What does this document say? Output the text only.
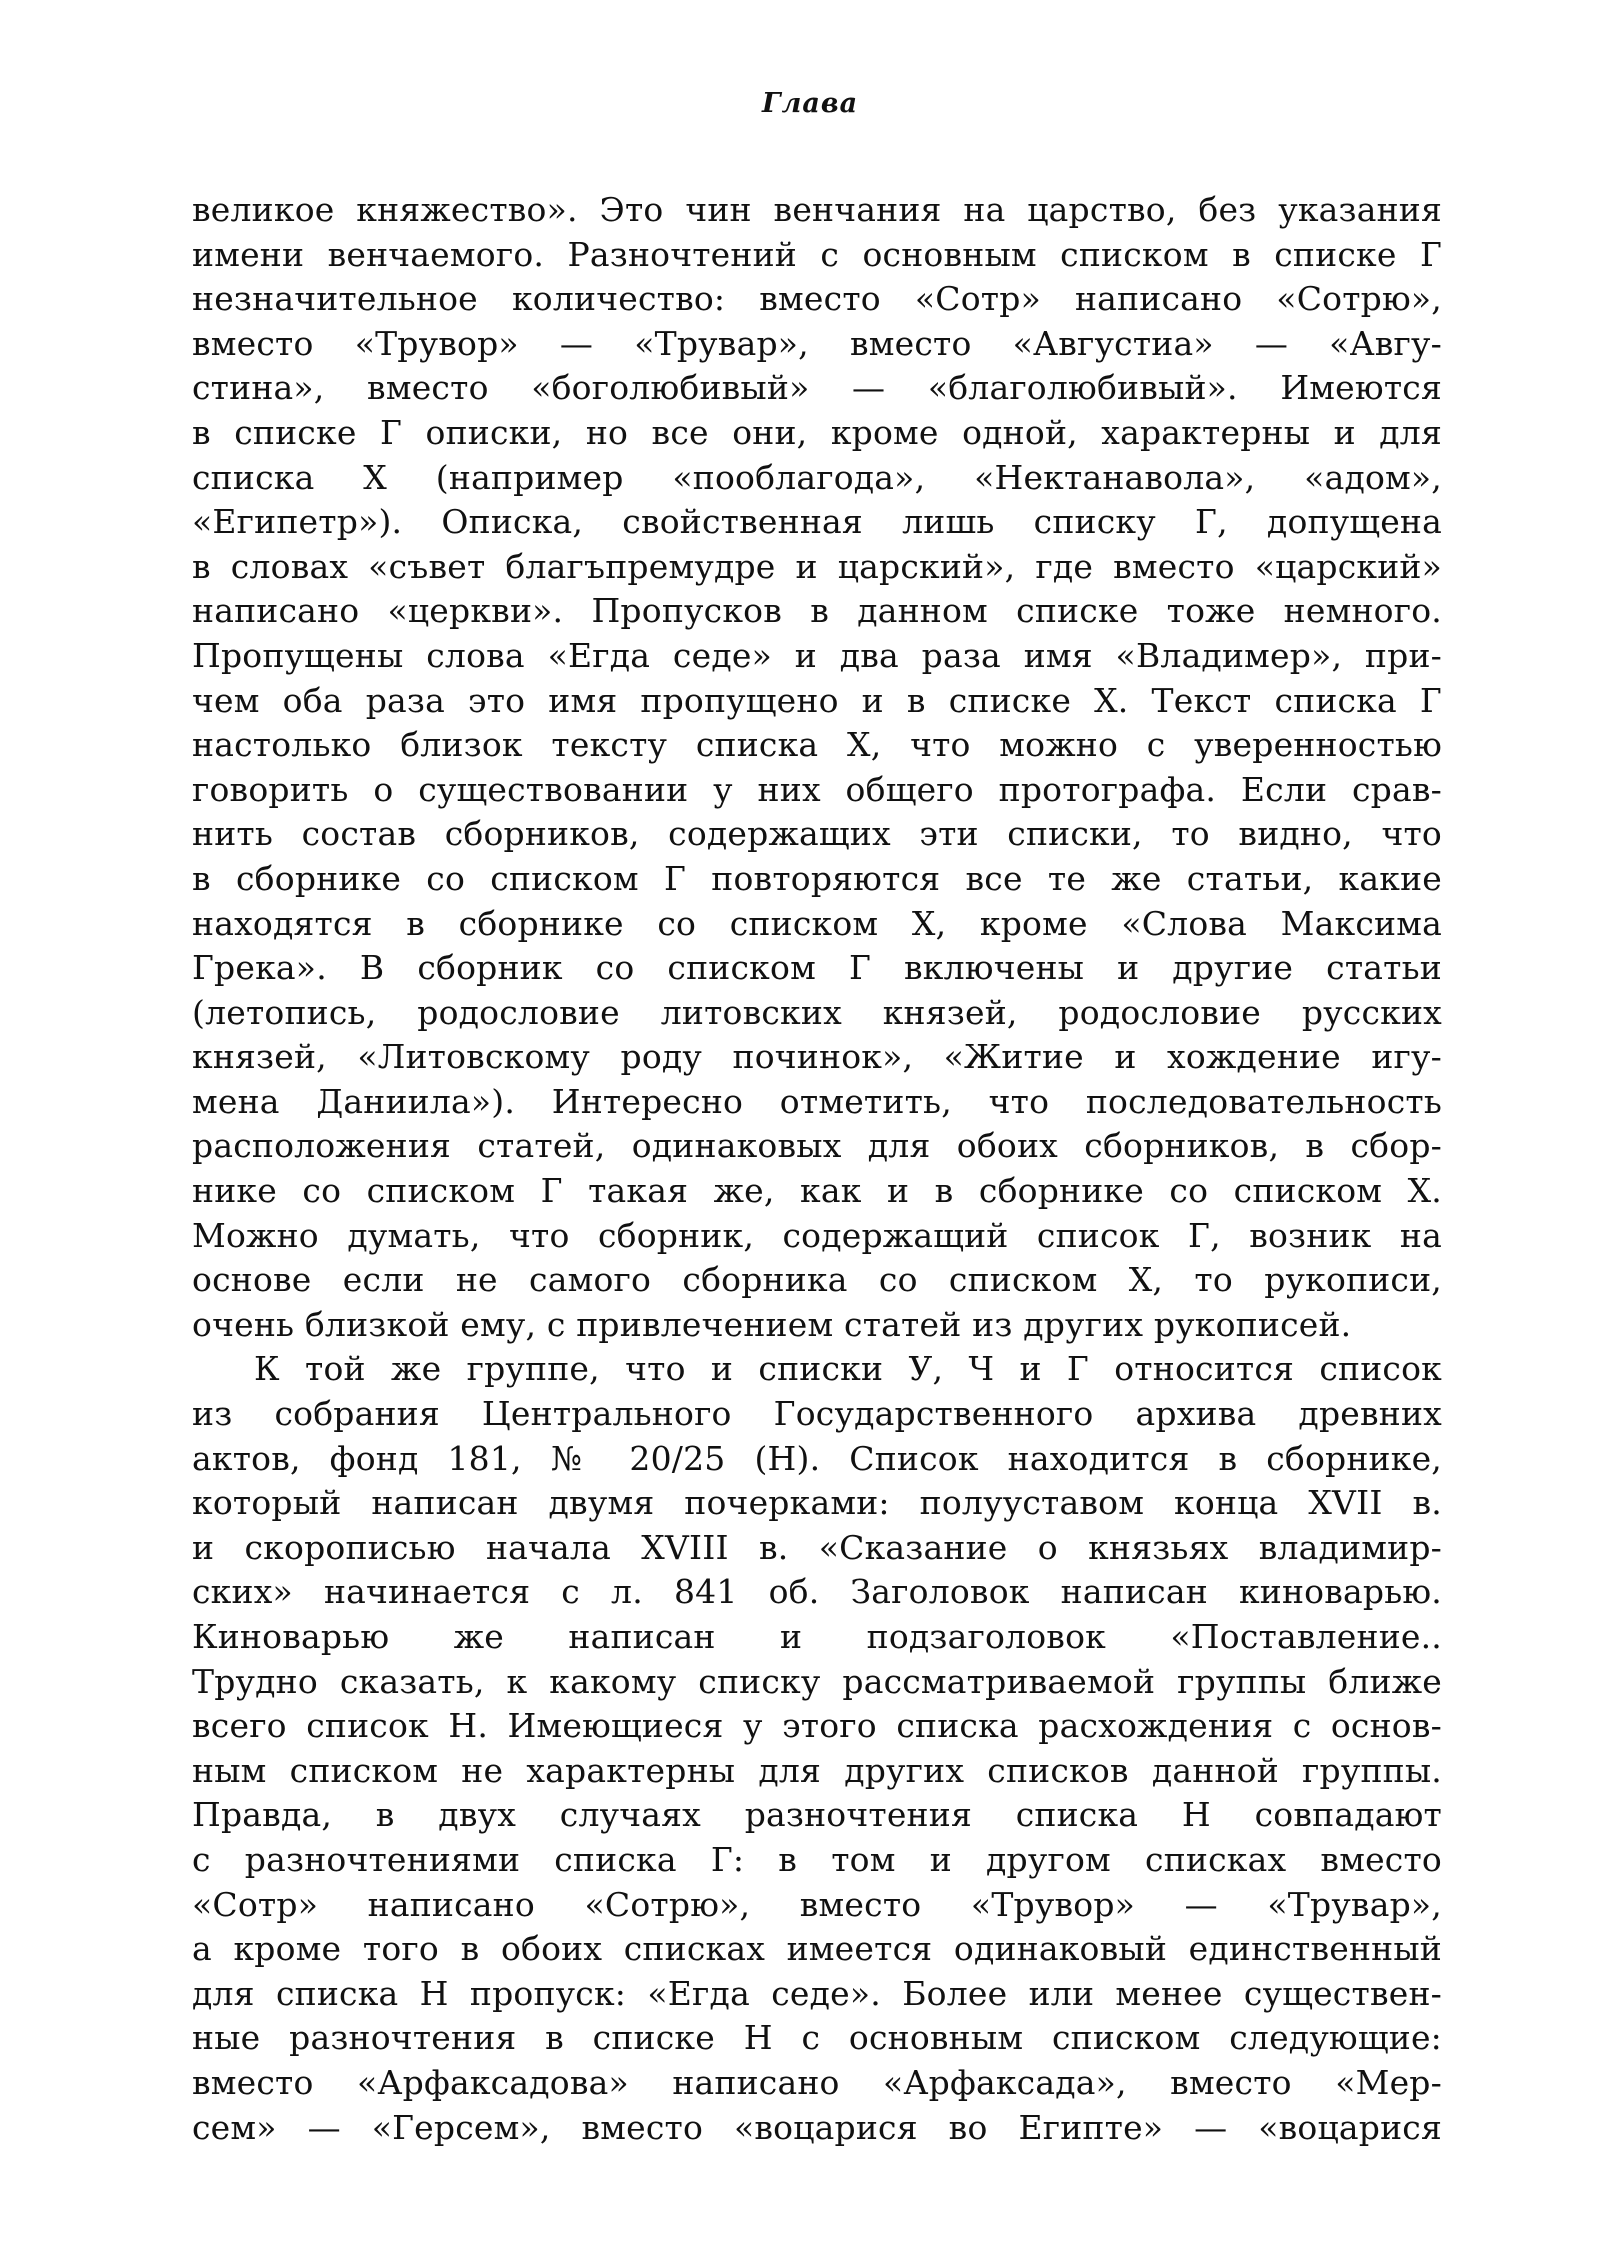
Глава
великое княжество». Это чин венчания на царство, без указания
имени венчаемого. Разночтений с основным списком в списке Г
незначительное количество: вместо «Сотр» написано «Сотрю»,
вместо «Трувор» — «Трувар», вместо «Августиа» — «Авгу-
стина», вместо «боголюбивый» — «благолюбивый». Имеются
в списке Г описки, но все они, кроме одной, характерны и для
списка X (например «пооблагода», «Нектанавола», «адом»,
«Египетр»). Описка, свойственная лишь списку Г, допущена
в словах «съвет благъпремудре и царский», где вместо «царский»
написано «церкви». Пропусков в данном списке тоже немного.
Пропущены слова «Егда седе» и два раза имя «Владимер», при-
чем оба раза это имя пропущено и в списке X. Текст списка Г
настолько близок тексту списка X, что можно с уверенностью
говорить о существовании у них общего протографа. Если срав-
нить состав сборников, содержащих эти списки, то видно, что
в сборнике со списком Г повторяются все те же статьи, какие
находятся в сборнике со списком X, кроме «Слова Максима
Грека». В сборник со списком Г включены и другие статьи
(летопись, родословие литовских князей, родословие русских
князей, «Литовскому роду починок», «Житие и хождение игу-
мена Даниила»). Интересно отметить, что последовательность
расположения статей, одинаковых для обоих сборников, в сбор-
нике со списком Г такая же, как и в сборнике со списком X.
Можно думать, что сборник, содержащий список Г, возник на
основе если не самого сборника со списком X, то рукописи,
очень близкой ему, с привлечением статей из других рукописей.
К той же группе, что и списки У, Ч и Г относится список
из собрания Центрального Государственного архива древних
актов, фонд 181, № 20/25 (Н). Список находится в сборнике,
который написан двумя почерками: полууставом конца XVII в.
и скорописью начала XVIII в. «Сказание о князьях владимир-
ских» начинается с л. 841 об. Заголовок написан киноварью.
Киноварью же написан и подзаголовок «Поставление..
Трудно сказать, к какому списку рассматриваемой группы ближе
всего список Н. Имеющиеся у этого списка расхождения с основ-
ным списком не характерны для других списков данной группы.
Правда, в двух случаях разночтения списка Н совпадают
с разночтениями списка Г: в том и другом списках вместо
«Сотр» написано «Сотрю», вместо «Трувор» — «Трувар»,
а кроме того в обоих списках имеется одинаковый единственный
для списка Н пропуск: «Егда седе». Более или менее существен-
ные разночтения в списке Н с основным списком следующие:
вместо «Арфаксадова» написано «Арфаксада», вместо «Мер-
сем» — «Герсем», вместо «воцарися во Египте» — «воцарися
